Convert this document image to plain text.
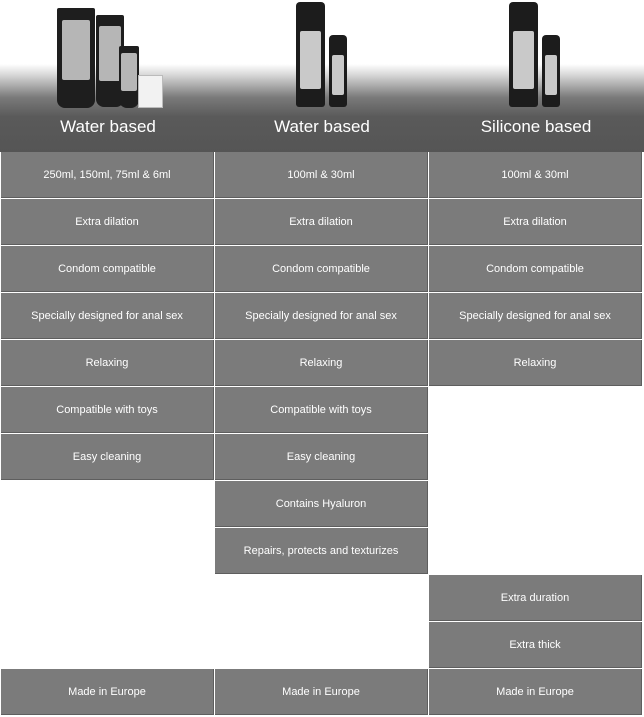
Water based	Water based	Silicone based
250ml, 150ml, 75ml & 6ml
Extra dilation
Condom compatible
Specially designed for anal sex
Relaxing
Compatible with toys
Easy cleaning
Made in Europe
100ml & 30ml
Extra dilation
Condom compatible
Specially designed for anal sex
Relaxing
Compatible with toys
Easy cleaning
Contains Hyaluron
Repairs, protects and texturizes
Made in Europe
100ml & 30ml
Extra dilation
Condom compatible
Specially designed for anal sex
Relaxing
Extra duration
Extra thick
Made in Europe
